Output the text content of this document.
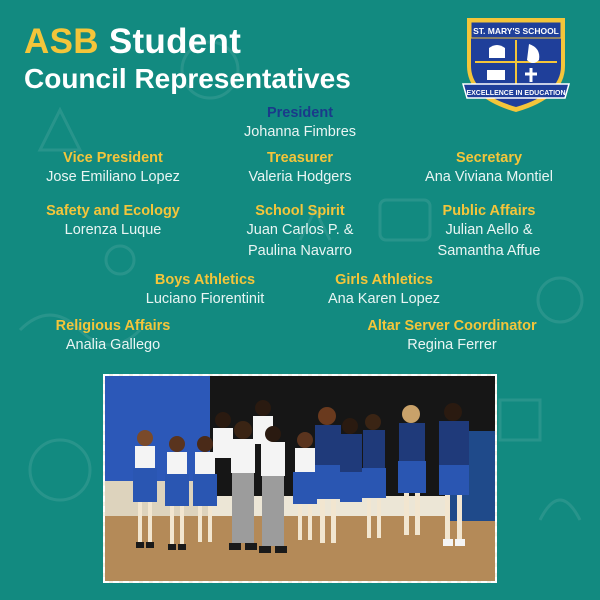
ASB Student
Council Representatives
ST. MARY'S SCHOOL
EXCELLENCE IN EDUCATION
President
Johanna Fimbres
Vice President
Jose Emiliano Lopez
Treasurer
Valeria Hodgers
Secretary
Ana Viviana Montiel
Safety and Ecology
Lorenza Luque
School Spirit
Juan Carlos P. &
Paulina Navarro
Public Affairs
Julian Aello &
Samantha Affue
Boys Athletics
Luciano Fiorentinit
Girls Athletics
Ana Karen Lopez
Religious Affairs
Analia Gallego
Altar Server Coordinator
Regina Ferrer
